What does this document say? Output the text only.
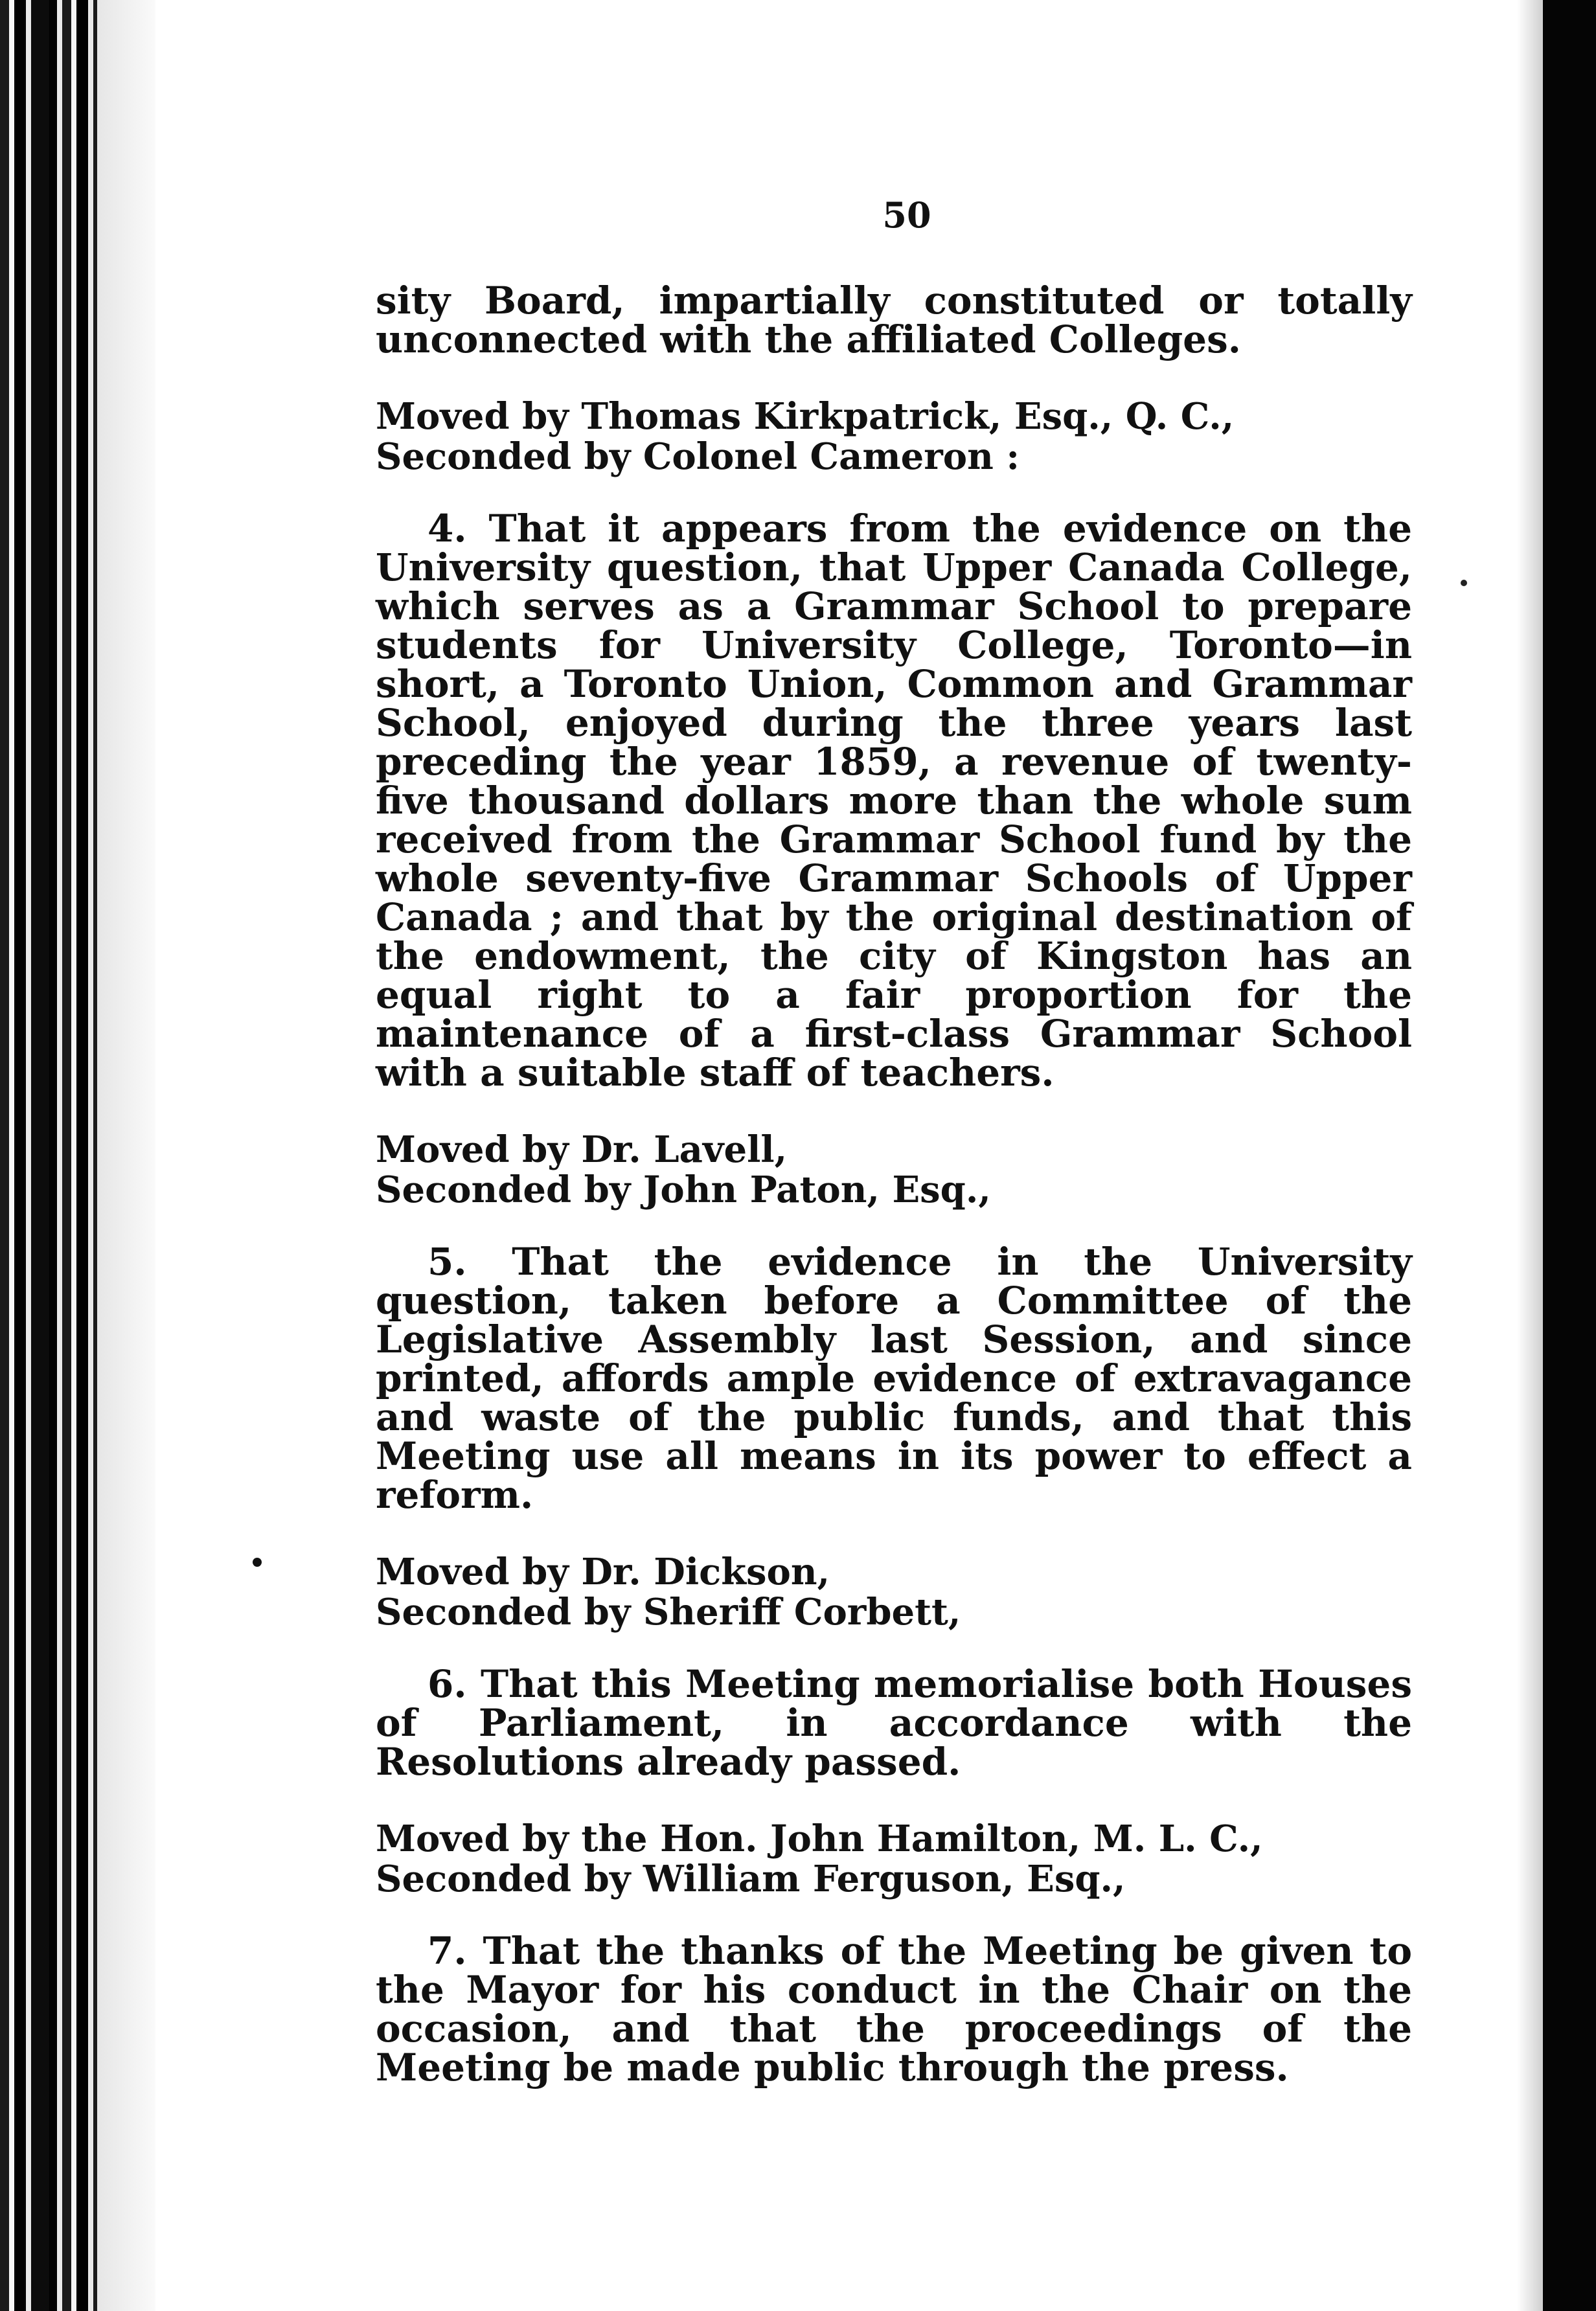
50

sity Board, impartially constituted or totally unconnected with the affiliated Colleges.

Moved by Thomas Kirkpatrick, Esq., Q. C.,
Seconded by Colonel Cameron :

4. That it appears from the evidence on the University question, that Upper Canada College, which serves as a Grammar School to prepare students for University College, Toronto—in short, a Toronto Union, Common and Grammar School, enjoyed during the three years last preceding the year 1859, a revenue of twenty-five thousand dollars more than the whole sum received from the Grammar School fund by the whole seventy-five Grammar Schools of Upper Canada ; and that by the original destination of the endowment, the city of Kingston has an equal right to a fair proportion for the maintenance of a first-class Grammar School with a suitable staff of teachers.

Moved by Dr. Lavell,
Seconded by John Paton, Esq.,

5. That the evidence in the University question, taken before a Committee of the Legislative Assembly last Session, and since printed, affords ample evidence of extravagance and waste of the public funds, and that this Meeting use all means in its power to effect a reform.

Moved by Dr. Dickson,
Seconded by Sheriff Corbett,

6. That this Meeting memorialise both Houses of Parliament, in accordance with the Resolutions already passed.

Moved by the Hon. John Hamilton, M. L. C.,
Seconded by William Ferguson, Esq.,

7. That the thanks of the Meeting be given to the Mayor for his conduct in the Chair on the occasion, and that the proceedings of the Meeting be made public through the press.
